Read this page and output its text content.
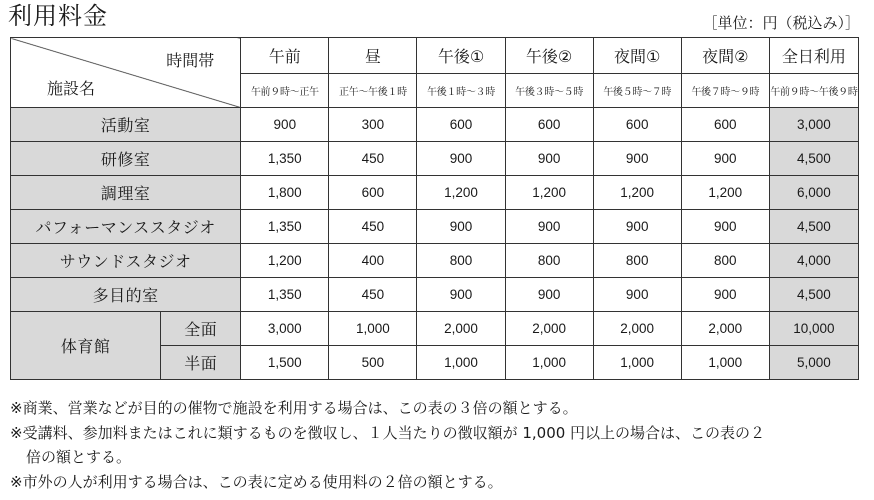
利用料金	［単位：円（税込み）］
時間帯
施設名		午前	昼	午後①	午後②	夜間①	夜間②	全日利用
		午前９時〜正午	正午〜午後１時	午後１時〜３時	午後３時〜５時	午後５時〜７時	午後７時〜９時	午前９時〜午後９時
活動室		900	300	600	600	600	600	3,000
研修室		1,350	450	900	900	900	900	4,500
調理室		1,800	600	1,200	1,200	1,200	1,200	6,000
パフォーマンススタジオ		1,350	450	900	900	900	900	4,500
サウンドスタジオ		1,200	400	800	800	800	800	4,000
多目的室		1,350	450	900	900	900	900	4,500
体育館	全面	3,000	1,000	2,000	2,000	2,000	2,000	10,000
	半面	1,500	500	1,000	1,000	1,000	1,000	5,000
※商業、営業などが目的の催物で施設を利用する場合は、この表の３倍の額とする。
※受講料、参加料またはこれに類するものを徴収し、１人当たりの徴収額が 1,000 円以上の場合は、この表の２
倍の額とする。
※市外の人が利用する場合は、この表に定める使用料の２倍の額とする。
